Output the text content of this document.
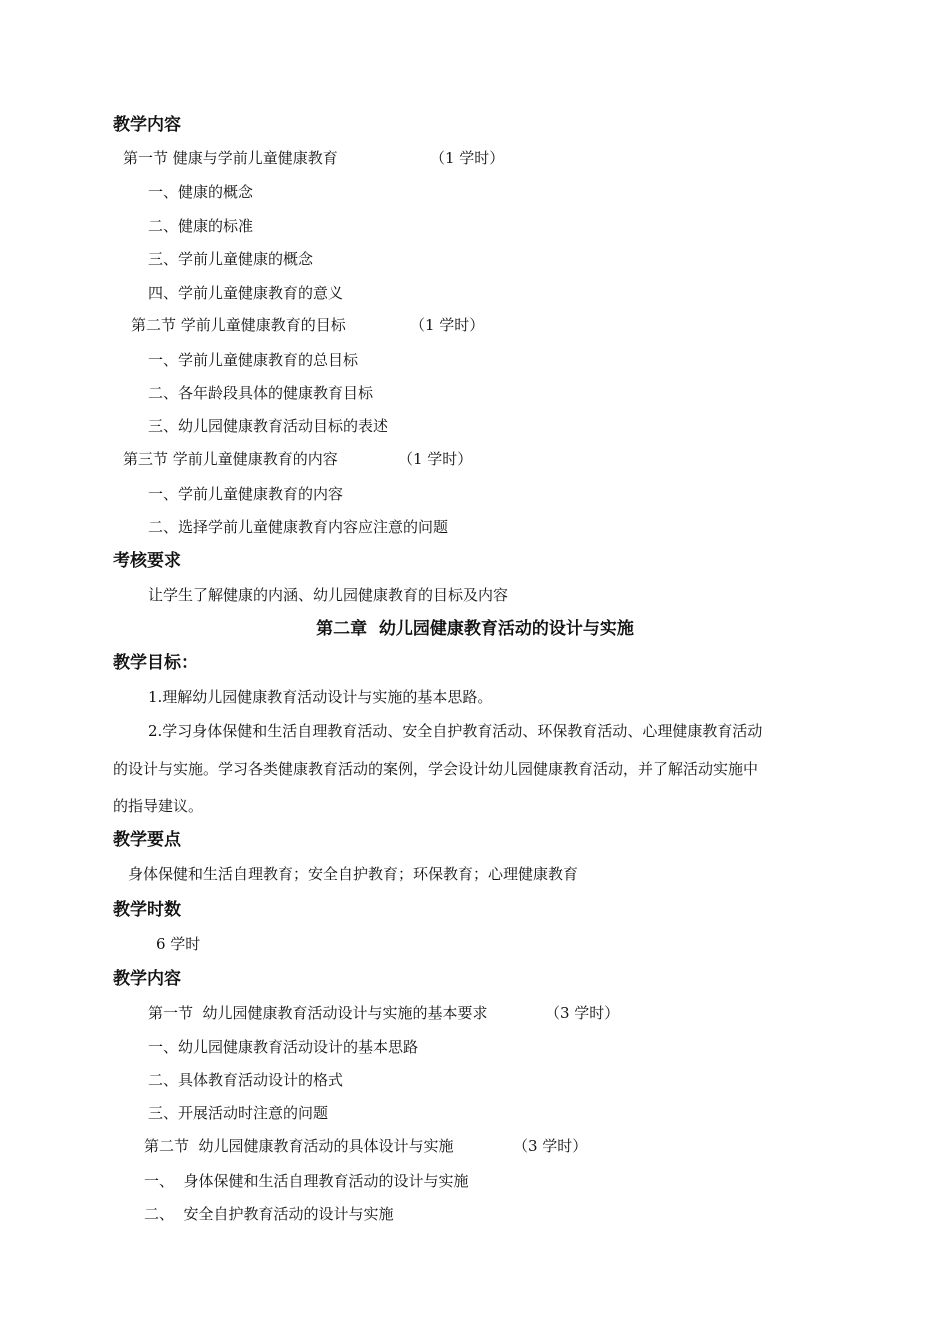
教学内容
第一节 健康与学前儿童健康教育	（1 学时）
一、健康的概念
二、健康的标准
三、学前儿童健康的概念
四、学前儿童健康教育的意义
第二节 学前儿童健康教育的目标	（1 学时）
一、学前儿童健康教育的总目标
二、各年龄段具体的健康教育目标
三、幼儿园健康教育活动目标的表述
第三节 学前儿童健康教育的内容	（1 学时）
一、学前儿童健康教育的内容
二、选择学前儿童健康教育内容应注意的问题
考核要求
让学生了解健康的内涵、幼儿园健康教育的目标及内容
第二章  幼儿园健康教育活动的设计与实施
教学目标：
1.理解幼儿园健康教育活动设计与实施的基本思路。
2.学习身体保健和生活自理教育活动、安全自护教育活动、环保教育活动、心理健康教育活动
的设计与实施。学习各类健康教育活动的案例，学会设计幼儿园健康教育活动，并了解活动实施中
的指导建议。
教学要点
身体保健和生活自理教育；安全自护教育；环保教育；心理健康教育
教学时数
6 学时
教学内容
第一节  幼儿园健康教育活动设计与实施的基本要求	（3 学时）
一、幼儿园健康教育活动设计的基本思路
二、具体教育活动设计的格式
三、开展活动时注意的问题
第二节  幼儿园健康教育活动的具体设计与实施	（3 学时）
一、  身体保健和生活自理教育活动的设计与实施
二、  安全自护教育活动的设计与实施
